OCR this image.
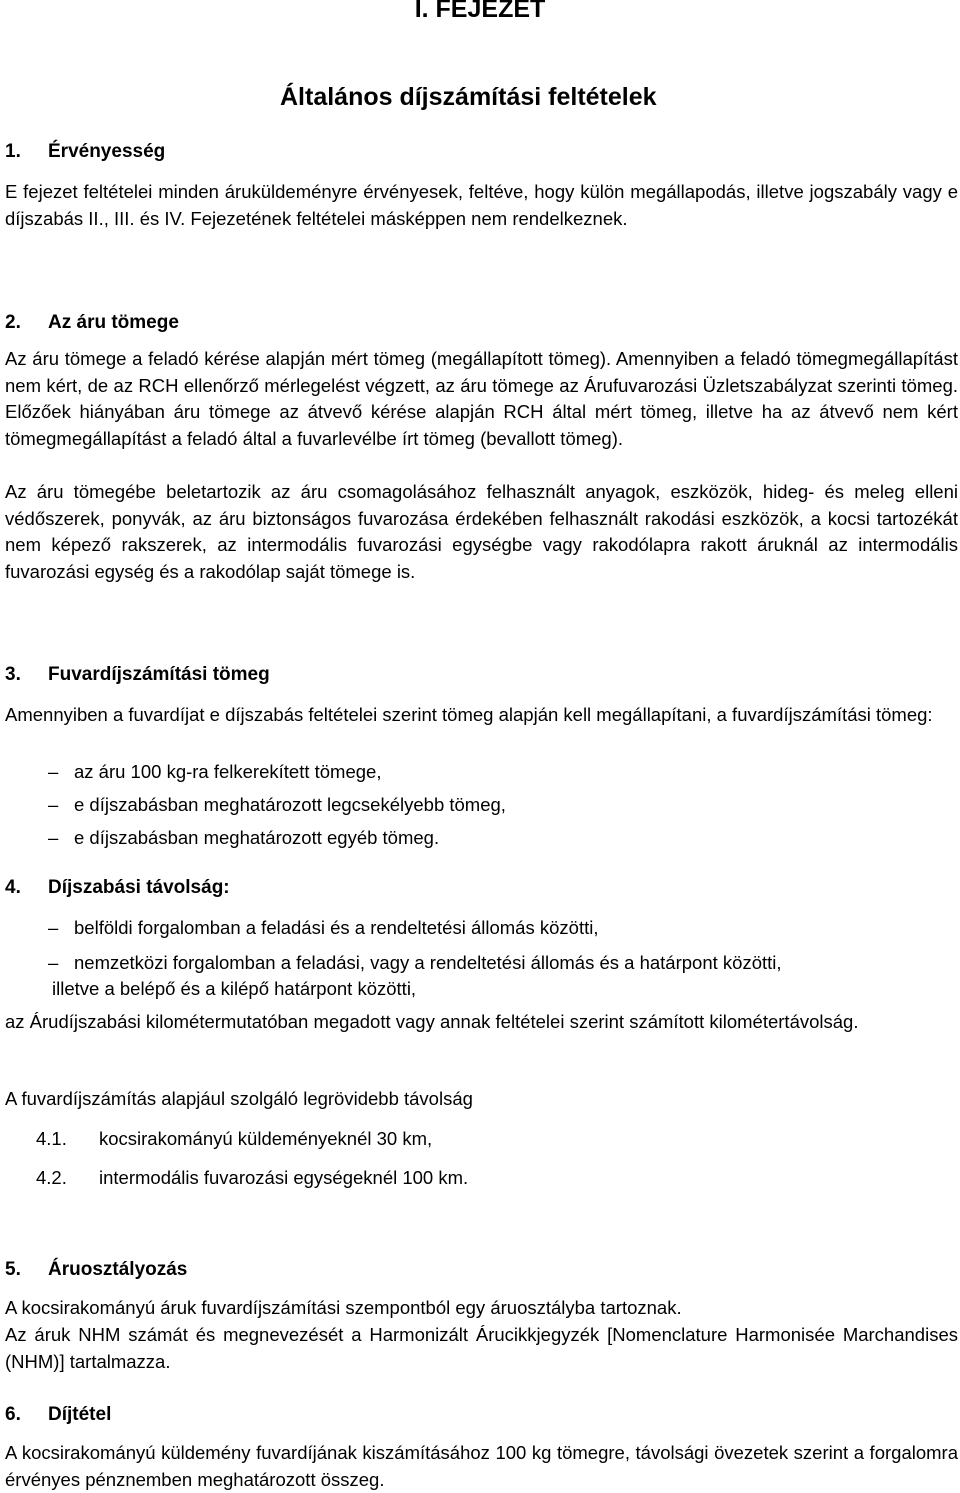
I. FEJEZET
Általános díjszámítási feltételek
1. Érvényesség

E fejezet feltételei minden áruküldeményre érvényesek, feltéve, hogy külön megállapodás, illetve jogszabály vagy e díjszabás II., III. és IV. Fejezetének feltételei másképpen nem rendelkeznek.

2. Az áru tömege

Az áru tömege a feladó kérése alapján mért tömeg (megállapított tömeg). Amennyiben a feladó tömegmegállapítást nem kért, de az RCH ellenőrző mérlegelést végzett, az áru tömege az Árufuvarozási Üzletszabályzat szerinti tömeg. Előzőek hiányában áru tömege az átvevő kérése alapján RCH által mért tömeg, illetve ha az átvevő nem kért tömegmegállapítást a feladó által a fuvarlevélbe írt tömeg (bevallott tömeg).

Az áru tömegébe beletartozik az áru csomagolásához felhasznált anyagok, eszközök, hideg- és meleg elleni védőszerek, ponyvák, az áru biztonságos fuvarozása érdekében felhasznált rakodási eszközök, a kocsi tartozékát nem képező rakszerek, az intermodális fuvarozási egységbe vagy rakodólapra rakott áruknál az intermodális fuvarozási egység és a rakodólap saját tömege is.

3. Fuvardíjszámítási tömeg

Amennyiben a fuvardíjat e díjszabás feltételei szerint tömeg alapján kell megállapítani, a fuvardíjszámítási tömeg:

– az áru 100 kg-ra felkerekített tömege,
– e díjszabásban meghatározott legcsekélyebb tömeg,
– e díjszabásban meghatározott egyéb tömeg.
4. Díjszabási távolság:
– belföldi forgalomban a feladási és a rendeltetési állomás közötti,
– nemzetközi forgalomban a feladási, vagy a rendeltetési állomás és a határpont közötti,
illetve a belépő és a kilépő határpont közötti,

az Árudíjszabási kilométermutatóban megadott vagy annak feltételei szerint számított kilométertávolság.

A fuvardíjszámítás alapjául szolgáló legrövidebb távolság

4.1. kocsirakományú küldeményeknél 30 km,
4.2. intermodális fuvarozási egységeknél 100 km.
5. Áruosztályozás

A kocsirakományú áruk fuvardíjszámítási szempontból egy áruosztályba tartoznak.

Az áruk NHM számát és megnevezését a Harmonizált Árucikkjegyzék [Nomenclature Harmonisée Marchandises (NHM)] tartalmazza.

6. Díjtétel

A kocsirakományú küldemény fuvardíjának kiszámításához 100 kg tömegre, távolsági övezetek szerint a forgalomra érvényes pénznemben meghatározott összeg.
